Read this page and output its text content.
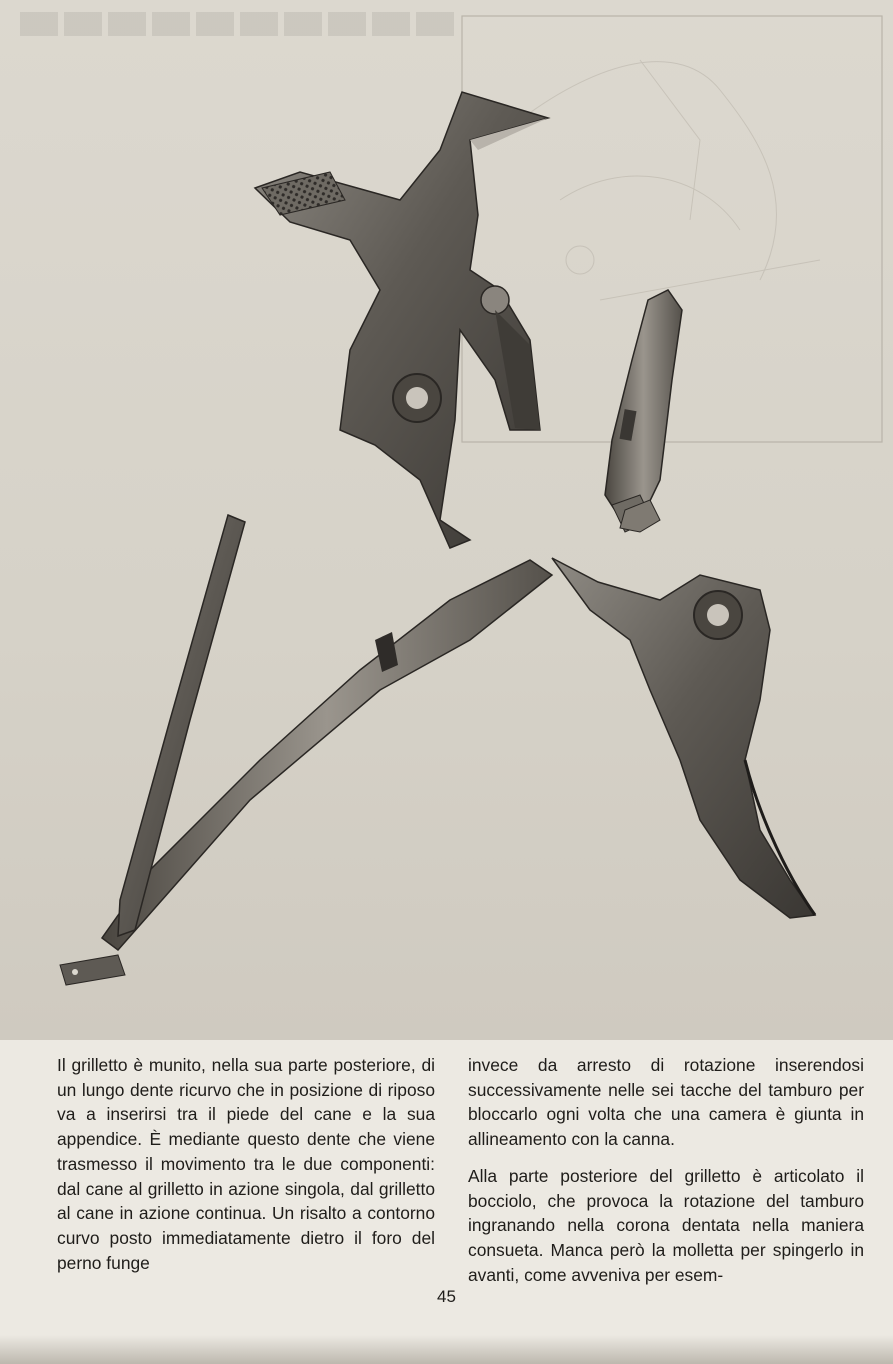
Il grilletto è munito, nella sua parte posteriore, di un lungo dente ricurvo che in posizione di riposo va a inserirsi tra il piede del cane e la sua appendice. È mediante questo dente che viene trasmesso il movimento tra le due componenti: dal cane al grilletto in azione singola, dal grilletto al cane in azione continua. Un risalto a contorno curvo posto immediatamente dietro il foro del perno funge

invece da arresto di rotazione inserendosi successivamente nelle sei tacche del tamburo per bloccarlo ogni volta che una camera è giunta in allineamento con la canna.

Alla parte posteriore del grilletto è articolato il bocciolo, che provoca la rotazione del tamburo ingranando nella corona dentata nella maniera consueta. Manca però la molletta per spingerlo in avanti, come avveniva per esem-

45
